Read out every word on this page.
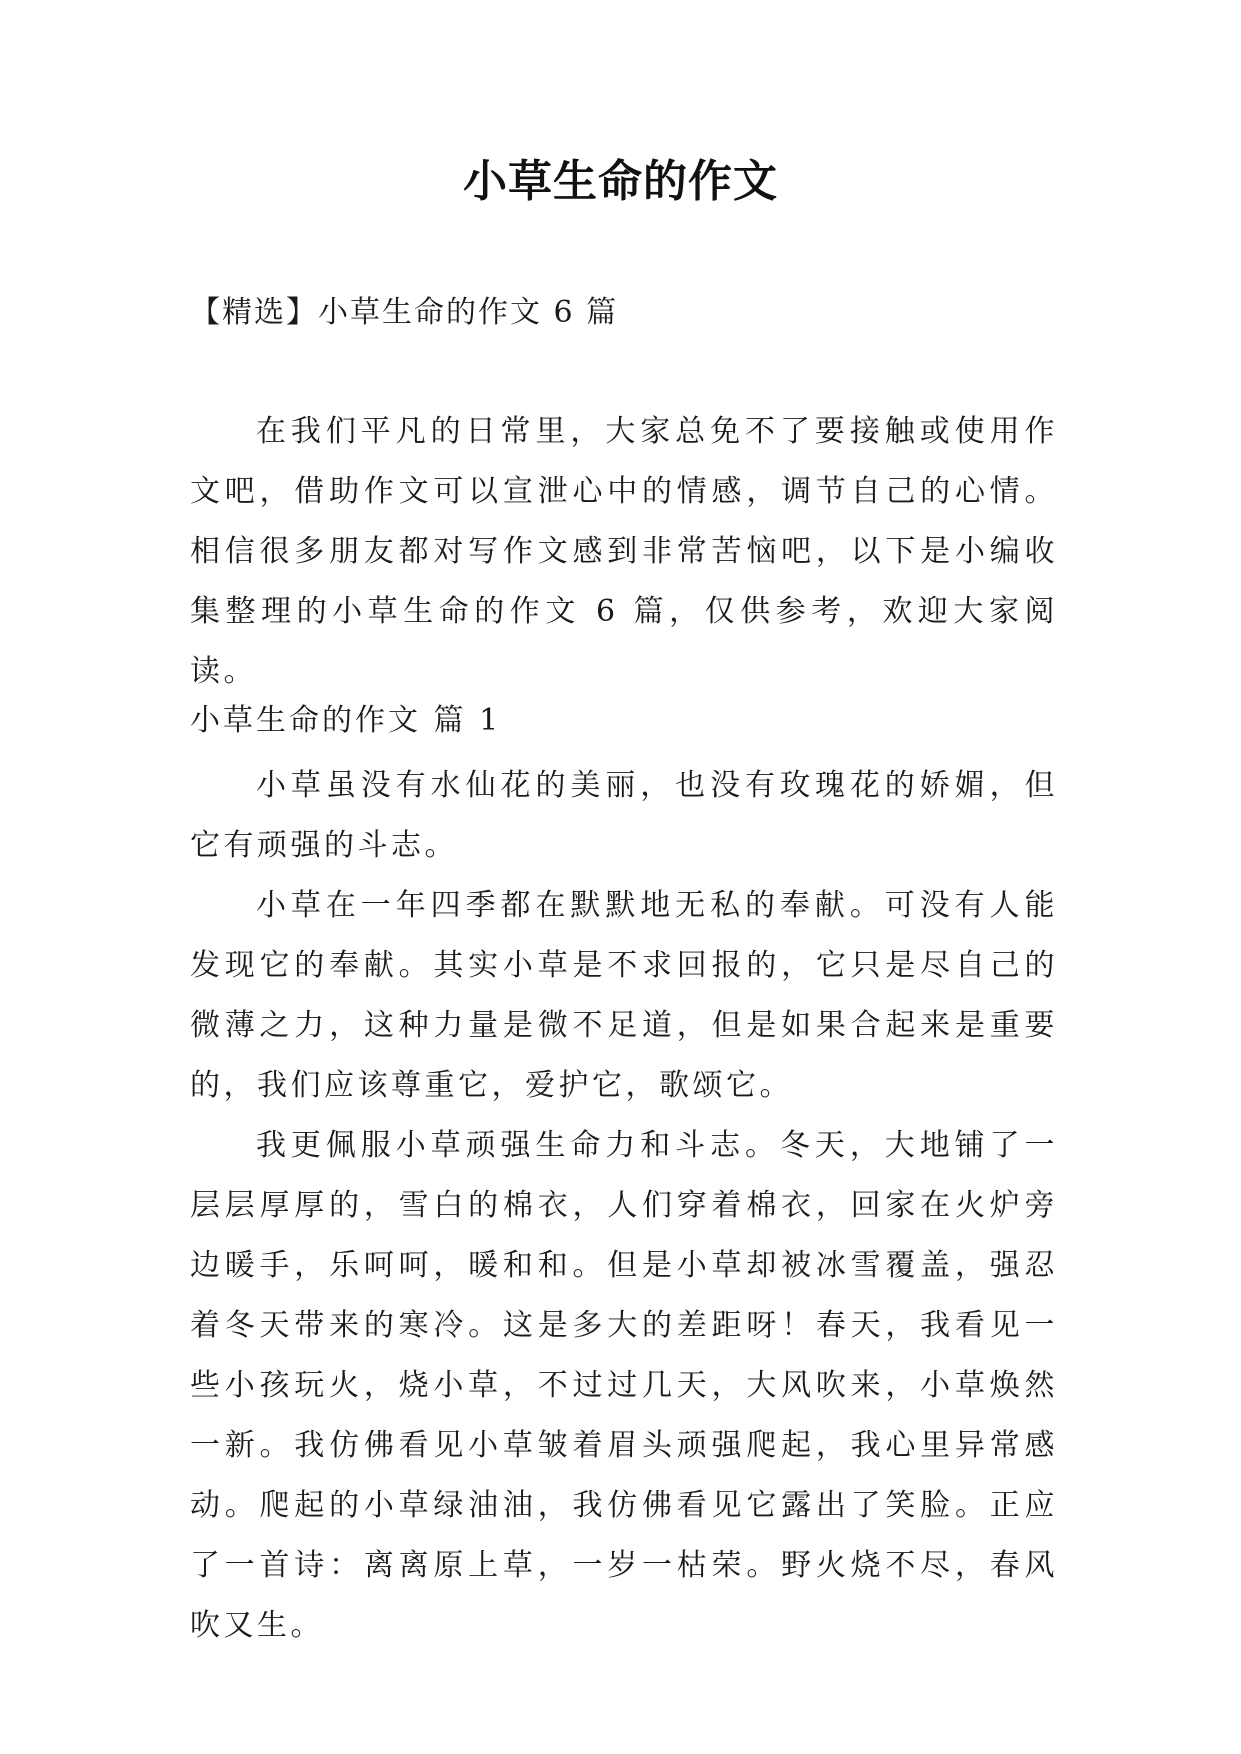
小草生命的作文
【精选】小草生命的作文 6 篇

在我们平凡的日常里，大家总免不了要接触或使用作文吧，借助作文可以宣泄心中的情感，调节自己的心情。相信很多朋友都对写作文感到非常苦恼吧，以下是小编收集整理的小草生命的作文 6 篇，仅供参考，欢迎大家阅读。

小草生命的作文 篇 1

小草虽没有水仙花的美丽，也没有玫瑰花的娇媚，但它有顽强的斗志。

小草在一年四季都在默默地无私的奉献。可没有人能发现它的奉献。其实小草是不求回报的，它只是尽自己的微薄之力，这种力量是微不足道，但是如果合起来是重要的，我们应该尊重它，爱护它，歌颂它。

我更佩服小草顽强生命力和斗志。冬天，大地铺了一层层厚厚的，雪白的棉衣，人们穿着棉衣，回家在火炉旁边暖手，乐呵呵，暖和和。但是小草却被冰雪覆盖，强忍着冬天带来的寒冷。这是多大的差距呀！春天，我看见一些小孩玩火，烧小草，不过过几天，大风吹来，小草焕然一新。我仿佛看见小草皱着眉头顽强爬起，我心里异常感动。爬起的小草绿油油，我仿佛看见它露出了笑脸。正应了一首诗：离离原上草，一岁一枯荣。野火烧不尽，春风吹又生。
